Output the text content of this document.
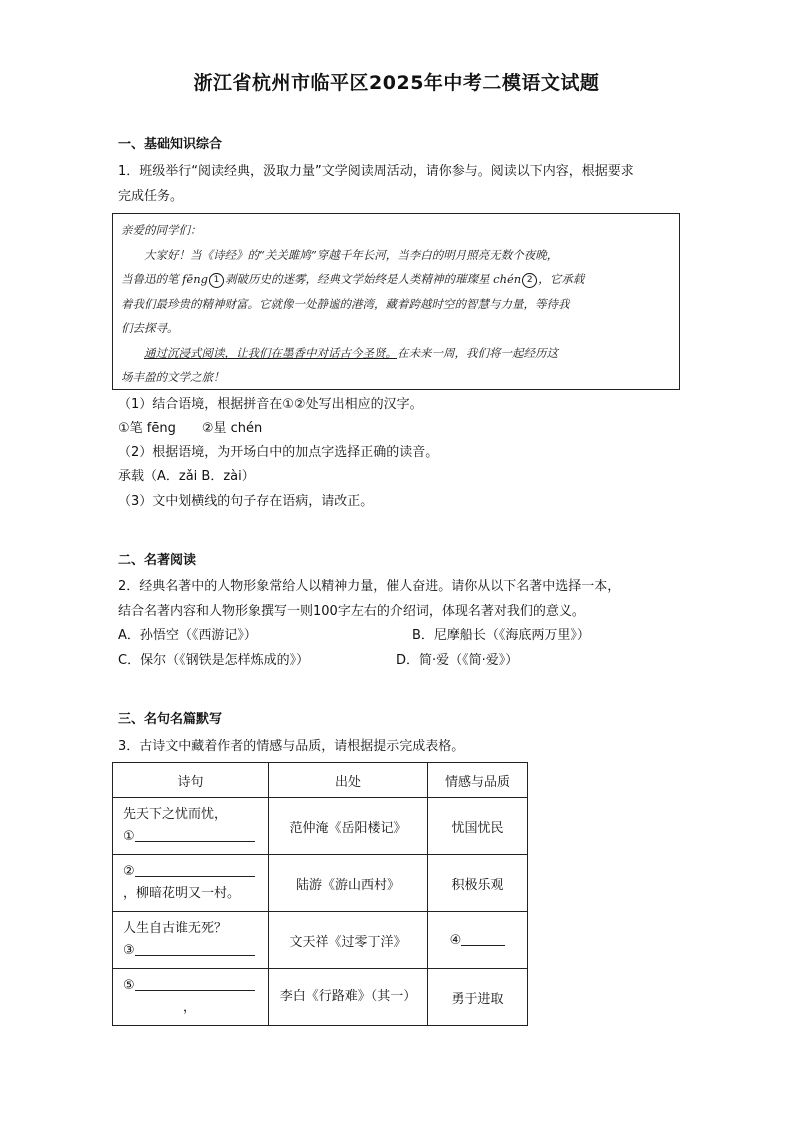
浙江省杭州市临平区2025年中考二模语文试题
一、基础知识综合
1．班级举行“阅读经典，汲取力量”文学阅读周活动，请你参与。阅读以下内容，根据要求
完成任务。

亲爱的同学们：

大家好！当《诗经》的“关关雎鸠”穿越千年长河，当李白的明月照亮无数个夜晚，

当鲁迅的笔 fēng 1 剥破历史的迷雾，经典文学始终是人类精神的璀璨星 chén 2 ，它承载

着我们最珍贵的精神财富。它就像一处静谧的港湾，藏着跨越时空的智慧与力量，等待我

们去探寻。

通过沉浸式阅读，让我们在墨香中对话古今圣贤。在未来一周，我们将一起经历这

场丰盈的文学之旅！

（1）结合语境，根据拼音在①②处写出相应的汉字。
①笔 fēng　　②星 chén
（2）根据语境，为开场白中的加点字选择正确的读音。
承载（A．zǎi B．zài）
（3）文中划横线的句子存在语病，请改正。
二、名著阅读
2．经典名著中的人物形象常给人以精神力量，催人奋进。请你从以下名著中选择一本，
结合名著内容和人物形象撰写一则100字左右的介绍词，体现名著对我们的意义。
A．孙悟空（《西游记》）	B．尼摩船长（《海底两万里》）
C．保尔（《钢铁是怎样炼成的》）	D．简·爱（《简·爱》）
三、名句名篇默写
3．古诗文中藏着作者的情感与品质，请根据提示完成表格。
诗句	出处	情感与品质

先天下之忧而忧，
①	范仲淹《岳阳楼记》	忧国忧民

②
，柳暗花明又一村。	陆游《游山西村》	积极乐观

人生自古谁无死？
③	文天祥《过零丁洋》	④

⑤
，	李白《行路难》（其一）	勇于进取
